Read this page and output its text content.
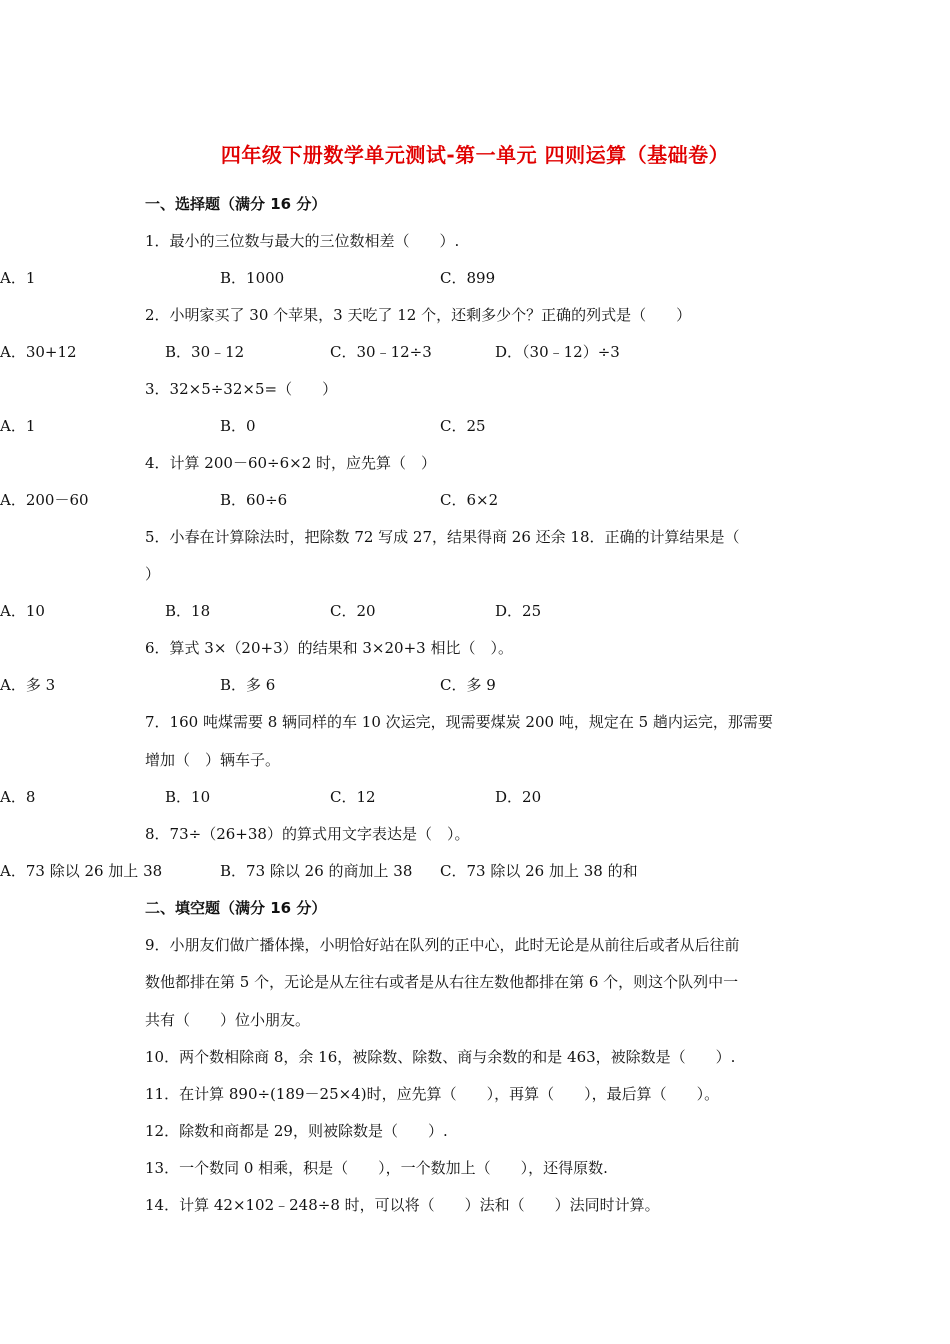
四年级下册数学单元测试-第一单元 四则运算（基础卷）
一、选择题（满分 16 分）
1．最小的三位数与最大的三位数相差（　　）.
A．1	B．1000	C．899
2．小明家买了 30 个苹果，3 天吃了 12 个，还剩多少个？正确的列式是（　　）
A．30+12	B．30﹣12	C．30﹣12÷3	D．（30﹣12）÷3
3．32×5÷32×5=（　　）
A．1	B．0	C．25
4．计算 200－60÷6×2 时，应先算（　）
A．200－60	B．60÷6	C．6×2
5．小春在计算除法时，把除数 72 写成 27，结果得商 26 还余 18．正确的计算结果是（
）
A．10	B．18	C．20	D．25
6．算式 3×（20+3）的结果和 3×20+3 相比（　）。
A．多 3	B．多 6	C．多 9
7．160 吨煤需要 8 辆同样的车 10 次运完，现需要煤炭 200 吨，规定在 5 趟内运完，那需要
增加（　）辆车子。
A．8	B．10	C．12	D．20
8．73÷（26+38）的算式用文字表达是（　）。
A．73 除以 26 加上 38	B．73 除以 26 的商加上 38 C．73 除以 26 加上 38 的和
二、填空题（满分 16 分）
9．小朋友们做广播体操，小明恰好站在队列的正中心，此时无论是从前往后或者从后往前
数他都排在第 5 个，无论是从左往右或者是从右往左数他都排在第 6 个，则这个队列中一
共有（　　）位小朋友。
10．两个数相除商 8，余 16，被除数、除数、商与余数的和是 463，被除数是（　　）.
11．在计算 890÷(189－25×4)时，应先算（　　），再算（　　），最后算（　　）。
12．除数和商都是 29，则被除数是（　　）.
13．一个数同 0 相乘，积是（　　），一个数加上（　　），还得原数.
14．计算 42×102﹣248÷8 时，可以将（　　）法和（　　）法同时计算。
